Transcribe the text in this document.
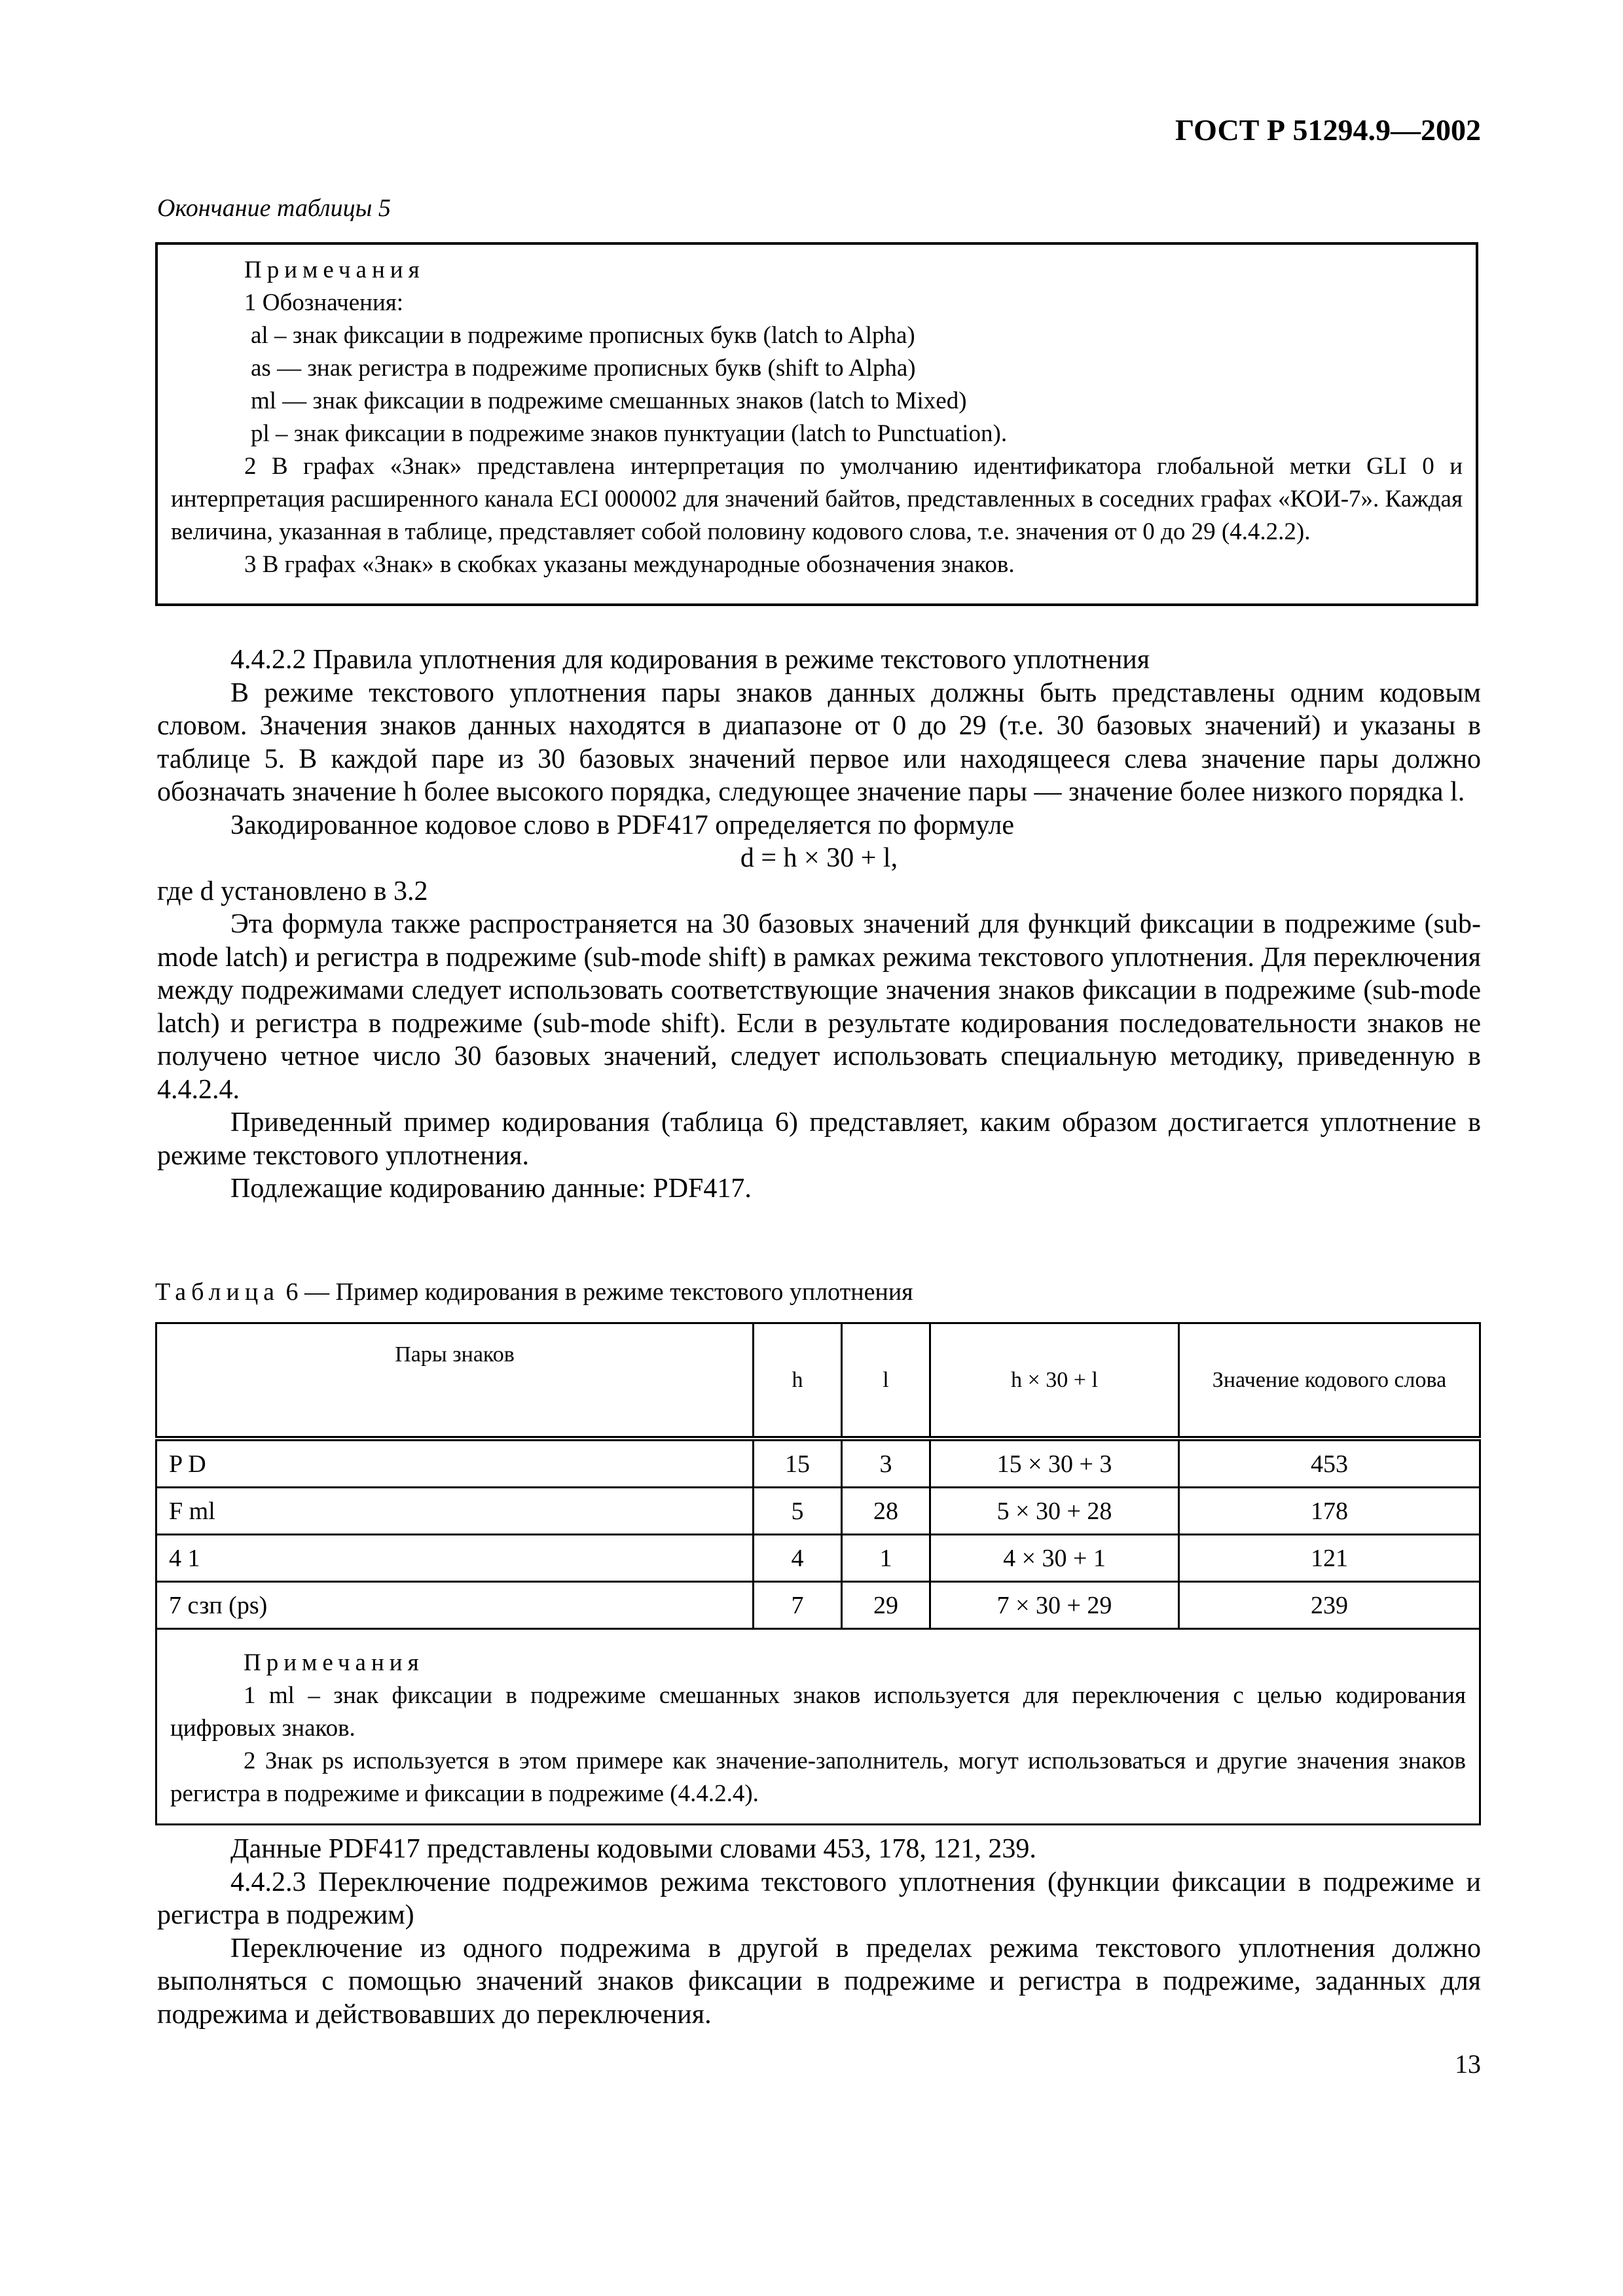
ГОСТ Р 51294.9—2002
Окончание таблицы 5

Примечания

1 Обозначения:

al – знак фиксации в подрежиме прописных букв (latch to Alpha)

as — знак регистра в подрежиме прописных букв (shift to Alpha)

ml — знак фиксации в подрежиме смешанных знаков (latch to Mixed)

pl – знак фиксации в подрежиме знаков пунктуации (latch to Punctuation).

2 В графах «Знак» представлена интерпретация по умолчанию идентификатора глобальной метки GLI 0 и интерпретация расширенного канала ECI 000002 для значений байтов, представленных в соседних графах «КОИ-7». Каждая величина, указанная в таблице, представляет собой половину кодового слова, т.е. значения от 0 до 29 (4.4.2.2).

3 В графах «Знак» в скобках указаны международные обозначения знаков.

4.4.2.2 Правила уплотнения для кодирования в режиме текстового уплотнения

В режиме текстового уплотнения пары знаков данных должны быть представлены одним кодовым словом. Значения знаков данных находятся в диапазоне от 0 до 29 (т.е. 30 базовых значений) и указаны в таблице 5. В каждой паре из 30 базовых значений первое или находящееся слева значение пары должно обозначать значение h более высокого порядка, следующее значение пары — значение более низкого порядка l.

Закодированное кодовое слово в PDF417 определяется по формуле

d = h × 30 + l,

где d установлено в 3.2

Эта формула также распространяется на 30 базовых значений для функций фиксации в подрежиме (sub-mode latch) и регистра в подрежиме (sub-mode shift) в рамках режима текстового уплотнения. Для переключения между подрежимами следует использовать соответствующие значения знаков фиксации в подрежиме (sub-mode latch) и регистра в подрежиме (sub-mode shift). Если в результате кодирования последовательности знаков не получено четное число 30 базовых значений, следует использовать специальную методику, приведенную в 4.4.2.4.

Приведенный пример кодирования (таблица 6) представляет, каким образом достигается уплотнение в режиме текстового уплотнения.

Подлежащие кодированию данные: PDF417.

Таблица 6 — Пример кодирования в режиме текстового уплотнения
Пары знаков	h	l	h × 30 + l	Значение кодового слова
P D	15	3	15 × 30 + 3	453
F ml	5	28	5 × 30 + 28	178
4 1	4	1	4 × 30 + 1	121
7 сзп (ps)	7	29	7 × 30 + 29	239

Примечания

1 ml – знак фиксации в подрежиме смешанных знаков используется для переключения с целью кодирования цифровых знаков.

2 Знак ps используется в этом примере как значение-заполнитель, могут использоваться и другие значения знаков регистра в подрежиме и фиксации в подрежиме (4.4.2.4).				

Данные PDF417 представлены кодовыми словами 453, 178, 121, 239.

4.4.2.3 Переключение подрежимов режима текстового уплотнения (функции фиксации в подрежиме и регистра в подрежим)

Переключение из одного подрежима в другой в пределах режима текстового уплотнения должно выполняться с помощью значений знаков фиксации в подрежиме и регистра в подрежиме, заданных для подрежима и действовавших до переключения.

13
